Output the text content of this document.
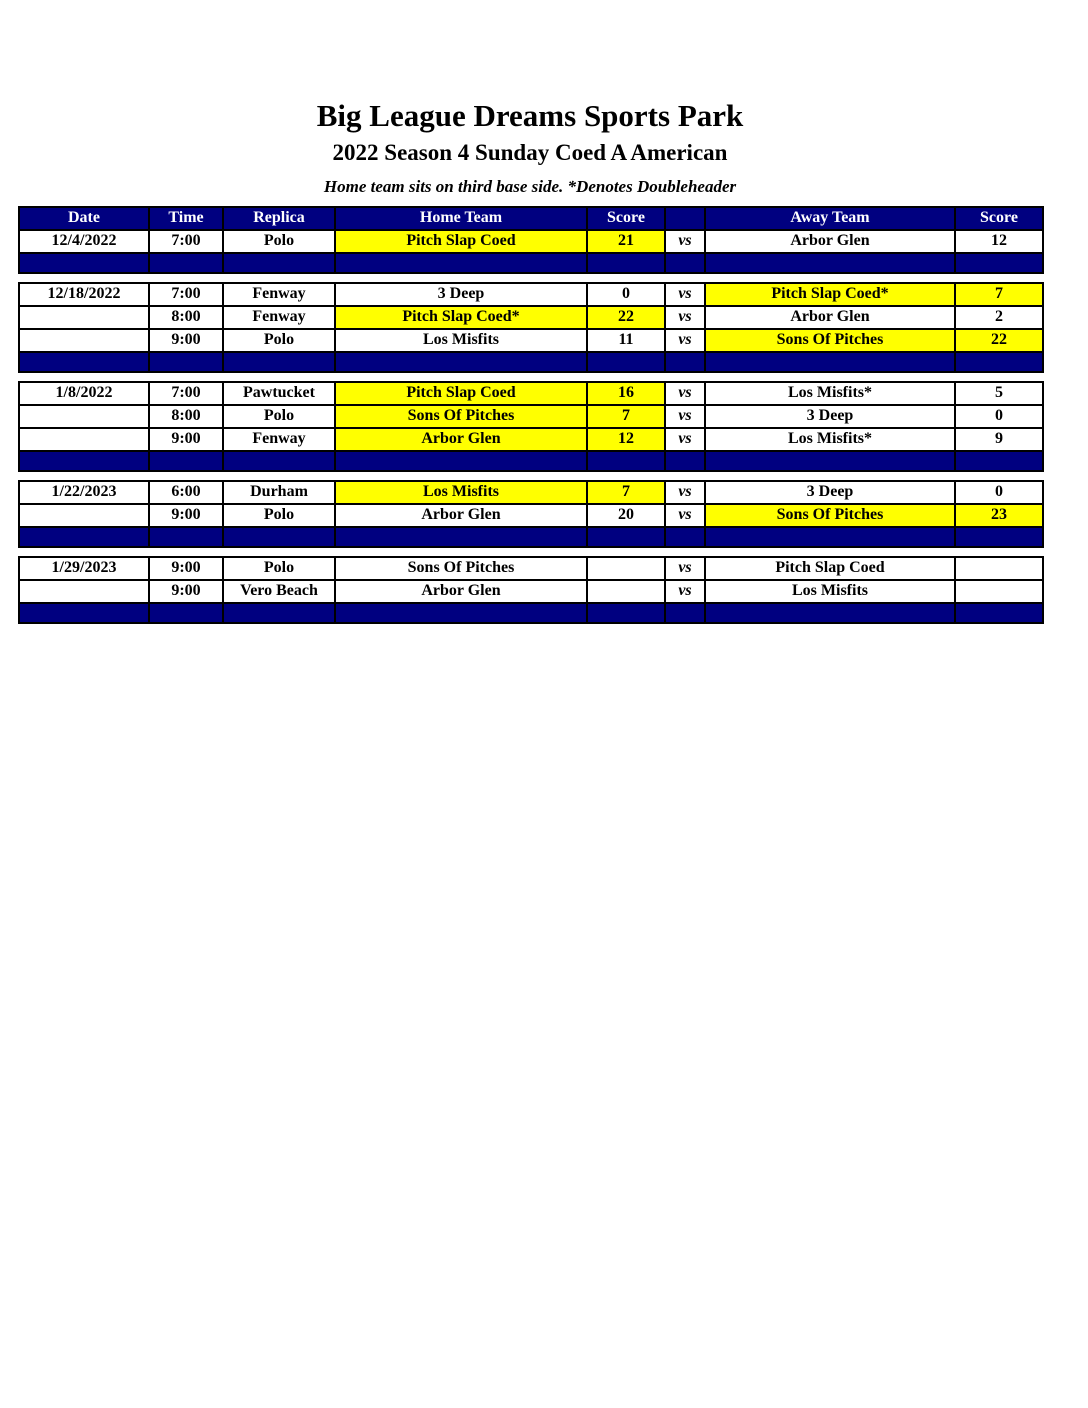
Big League Dreams Sports Park
2022 Season 4 Sunday Coed A American
Home team sits on third base side. *Denotes Doubleheader
Date	Time	Replica	Home Team	Score		Away Team	Score
12/4/2022	7:00	Polo	Pitch Slap Coed	21	vs	Arbor Glen	12

12/18/2022	7:00	Fenway	3 Deep	0	vs	Pitch Slap Coed*	7
	8:00	Fenway	Pitch Slap Coed*	22	vs	Arbor Glen	2
	9:00	Polo	Los Misfits	11	vs	Sons Of Pitches	22

1/8/2022	7:00	Pawtucket	Pitch Slap Coed	16	vs	Los Misfits*	5
	8:00	Polo	Sons Of Pitches	7	vs	3 Deep	0
	9:00	Fenway	Arbor Glen	12	vs	Los Misfits*	9

1/22/2023	6:00	Durham	Los Misfits	7	vs	3 Deep	0
	9:00	Polo	Arbor Glen	20	vs	Sons Of Pitches	23

1/29/2023	9:00	Polo	Sons Of Pitches		vs	Pitch Slap Coed	
	9:00	Vero Beach	Arbor Glen		vs	Los Misfits	
